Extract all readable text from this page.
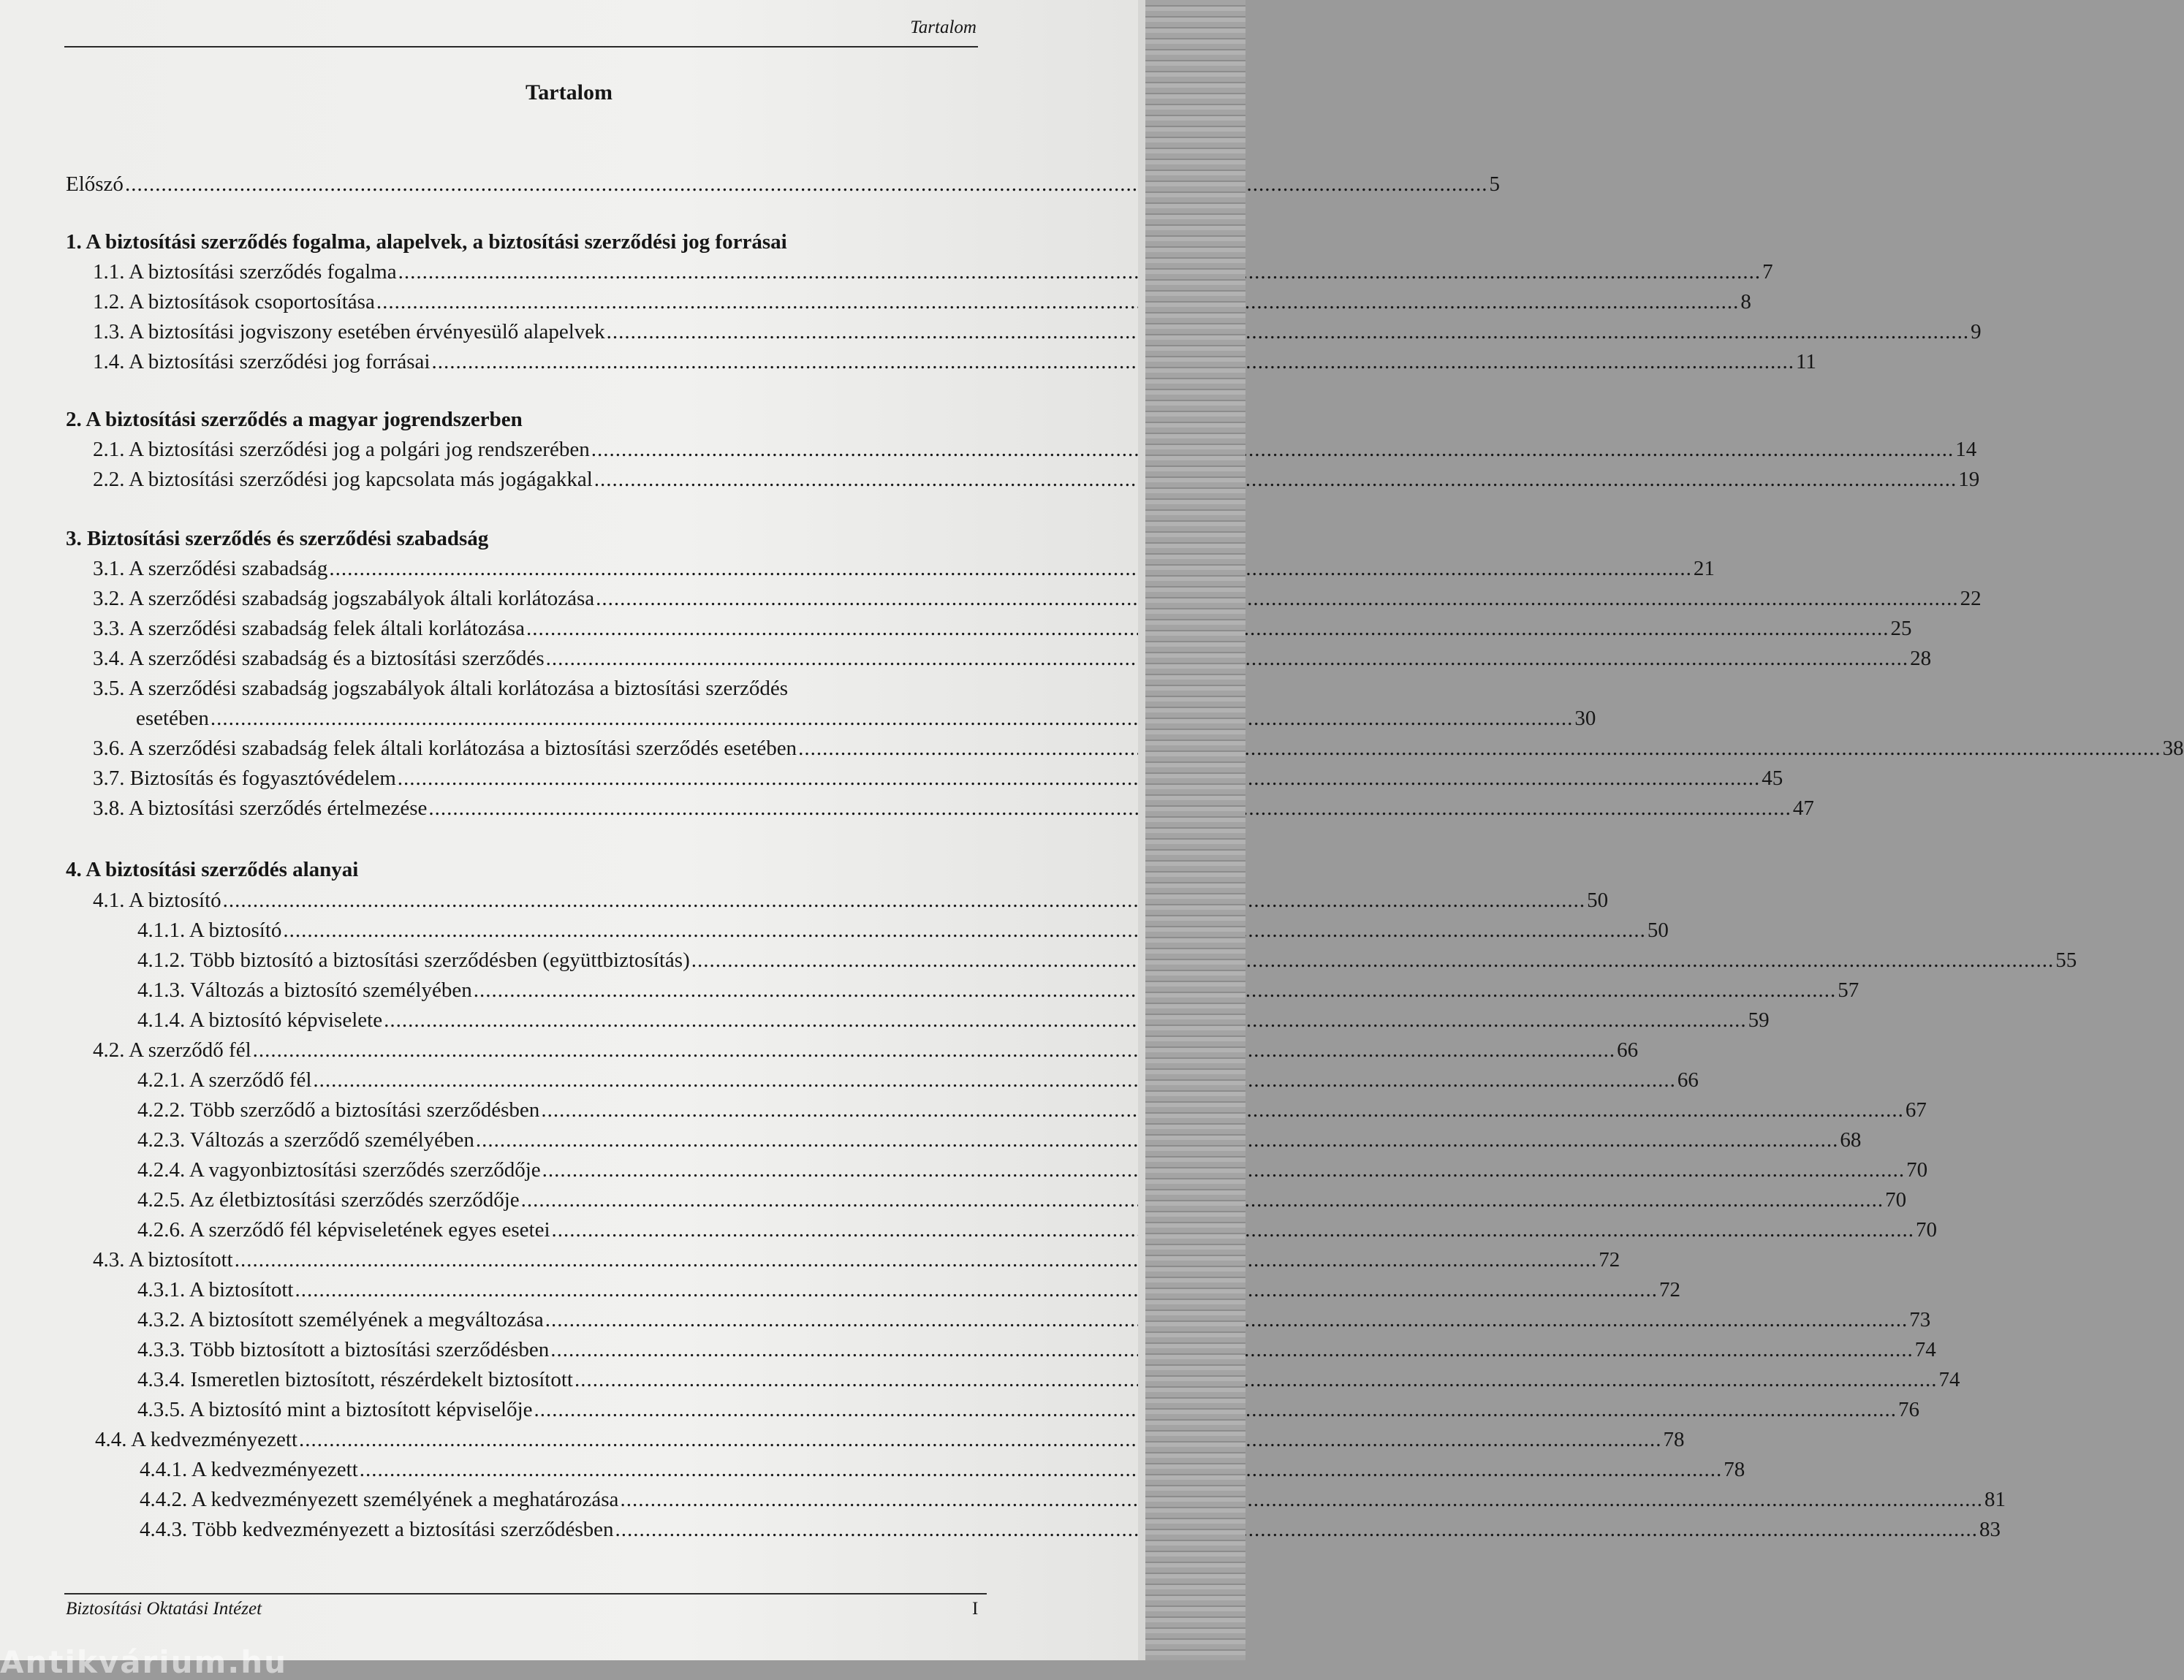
Tartalom
Tartalom
Előszó .....	5
1. A biztosítási szerződés fogalma, alapelvek, a biztosítási szerződési jog forrásai
1.1. A biztosítási szerződés fogalma .....	7
1.2. A biztosítások csoportosítása .....	8
1.3. A biztosítási jogviszony esetében érvényesülő alapelvek .....	9
1.4. A biztosítási szerződési jog forrásai .....	11
2. A biztosítási szerződés a magyar jogrendszerben
2.1. A biztosítási szerződési jog a polgári jog rendszerében .....	14
2.2. A biztosítási szerződési jog kapcsolata más jogágakkal .....	19
3. Biztosítási szerződés és szerződési szabadság
3.1. A szerződési szabadság .....	21
3.2. A szerződési szabadság jogszabályok általi korlátozása .....	22
3.3. A szerződési szabadság felek általi korlátozása .....	25
3.4. A szerződési szabadság és a biztosítási szerződés .....	28
3.5. A szerződési szabadság jogszabályok általi korlátozása a biztosítási szerződés
esetében .....	30
3.6. A szerződési szabadság felek általi korlátozása a biztosítási szerződés esetében .....	38
3.7. Biztosítás és fogyasztóvédelem .....	45
3.8. A biztosítási szerződés értelmezése .....	47
4. A biztosítási szerződés alanyai
4.1. A biztosító .....	50
4.1.1. A biztosító .....	50
4.1.2. Több biztosító a biztosítási szerződésben (együttbiztosítás) .....	55
4.1.3. Változás a biztosító személyében .....	57
4.1.4. A biztosító képviselete .....	59
4.2. A szerződő fél .....	66
4.2.1. A szerződő fél .....	66
4.2.2. Több szerződő a biztosítási szerződésben .....	67
4.2.3. Változás a szerződő személyében .....	68
4.2.4. A vagyonbiztosítási szerződés szerződője .....	70
4.2.5. Az életbiztosítási szerződés szerződője .....	70
4.2.6. A szerződő fél képviseletének egyes esetei .....	70
4.3. A biztosított .....	72
4.3.1. A biztosított .....	72
4.3.2. A biztosított személyének a megváltozása .....	73
4.3.3. Több biztosított a biztosítási szerződésben .....	74
4.3.4. Ismeretlen biztosított, részérdekelt biztosított .....	74
4.3.5. A biztosító mint a biztosított képviselője .....	76
4.4. A kedvezményezett .....	78
4.4.1. A kedvezményezett .....	78
4.4.2. A kedvezményezett személyének a meghatározása .....	81
4.4.3. Több kedvezményezett a biztosítási szerződésben .....	83
Biztosítási Oktatási Intézet	I
Antikvárium.hu
